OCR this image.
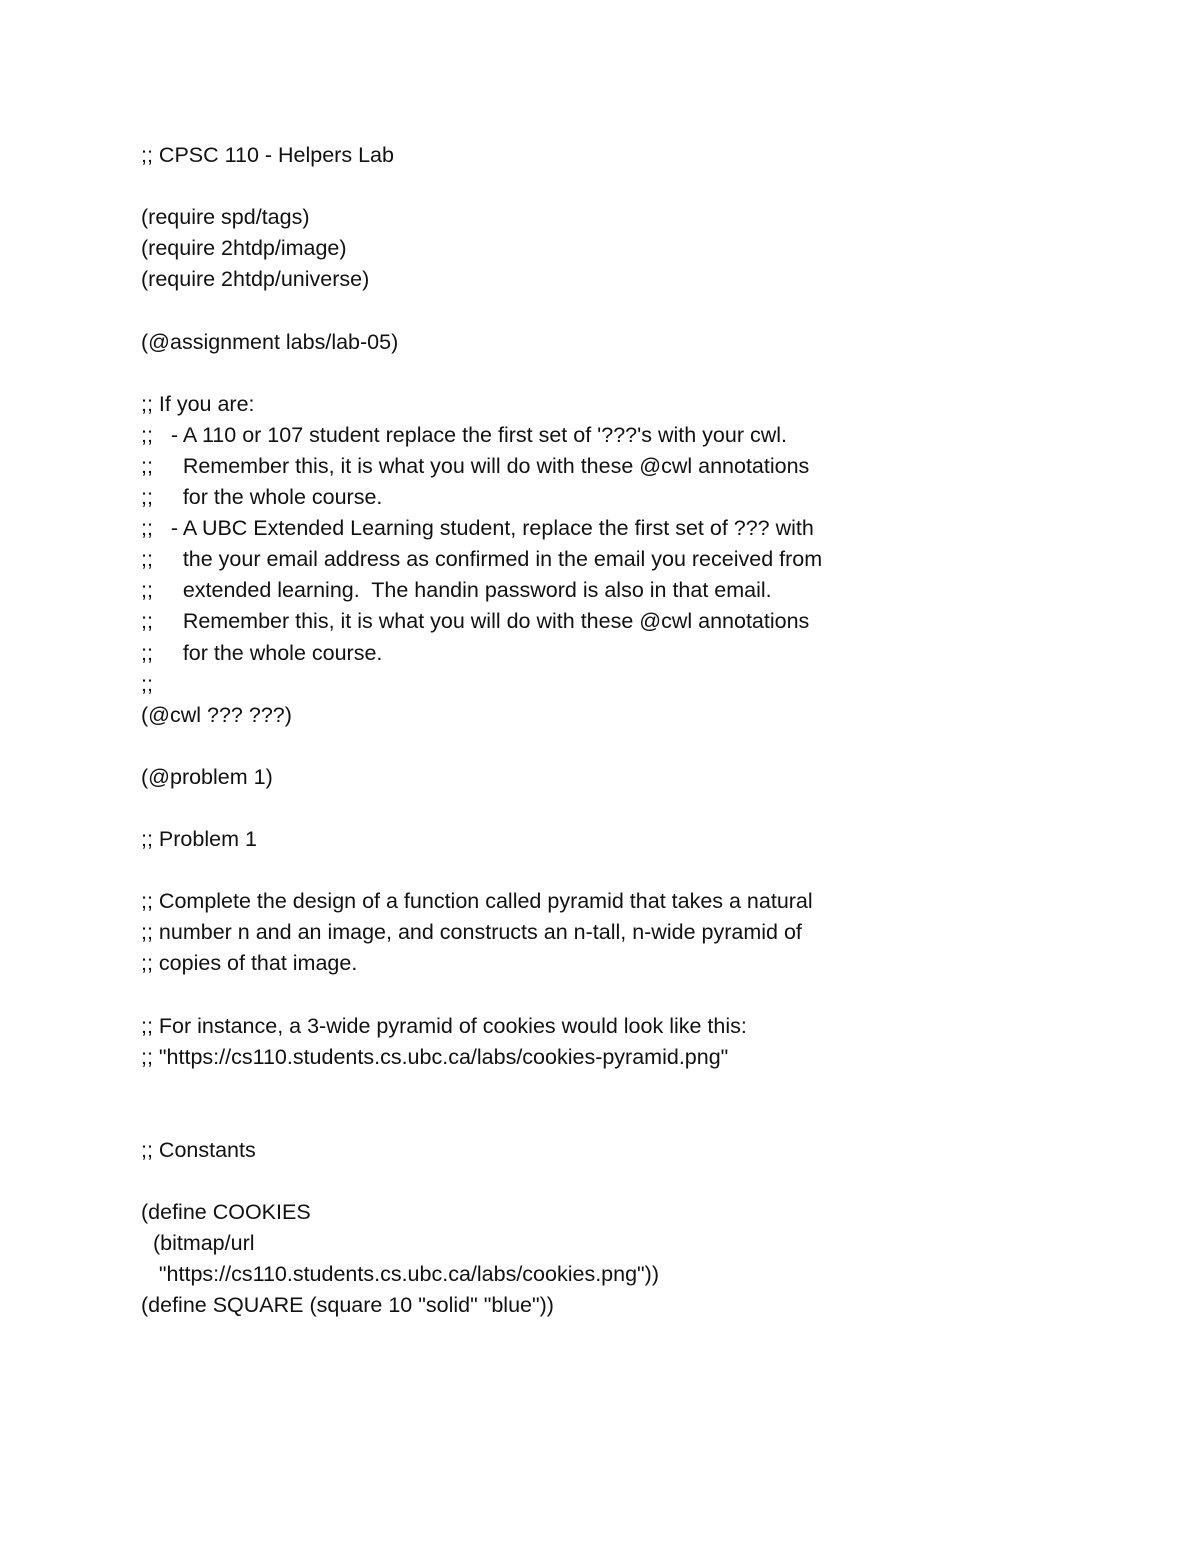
;; CPSC 110 - Helpers Lab
(require spd/tags)
(require 2htdp/image)
(require 2htdp/universe)
(@assignment labs/lab-05)
;; If you are:
;;   - A 110 or 107 student replace the first set of '???'s with your cwl.
;;     Remember this, it is what you will do with these @cwl annotations
;;     for the whole course.
;;   - A UBC Extended Learning student, replace the first set of ??? with
;;     the your email address as confirmed in the email you received from
;;     extended learning.  The handin password is also in that email.
;;     Remember this, it is what you will do with these @cwl annotations
;;     for the whole course.
;;
(@cwl ??? ???)
(@problem 1)
;; Problem 1
;; Complete the design of a function called pyramid that takes a natural
;; number n and an image, and constructs an n-tall, n-wide pyramid of
;; copies of that image.
;; For instance, a 3-wide pyramid of cookies would look like this:
;; "https://cs110.students.cs.ubc.ca/labs/cookies-pyramid.png"
;; Constants
(define COOKIES
(bitmap/url
"https://cs110.students.cs.ubc.ca/labs/cookies.png"))
(define SQUARE (square 10 "solid" "blue"))
